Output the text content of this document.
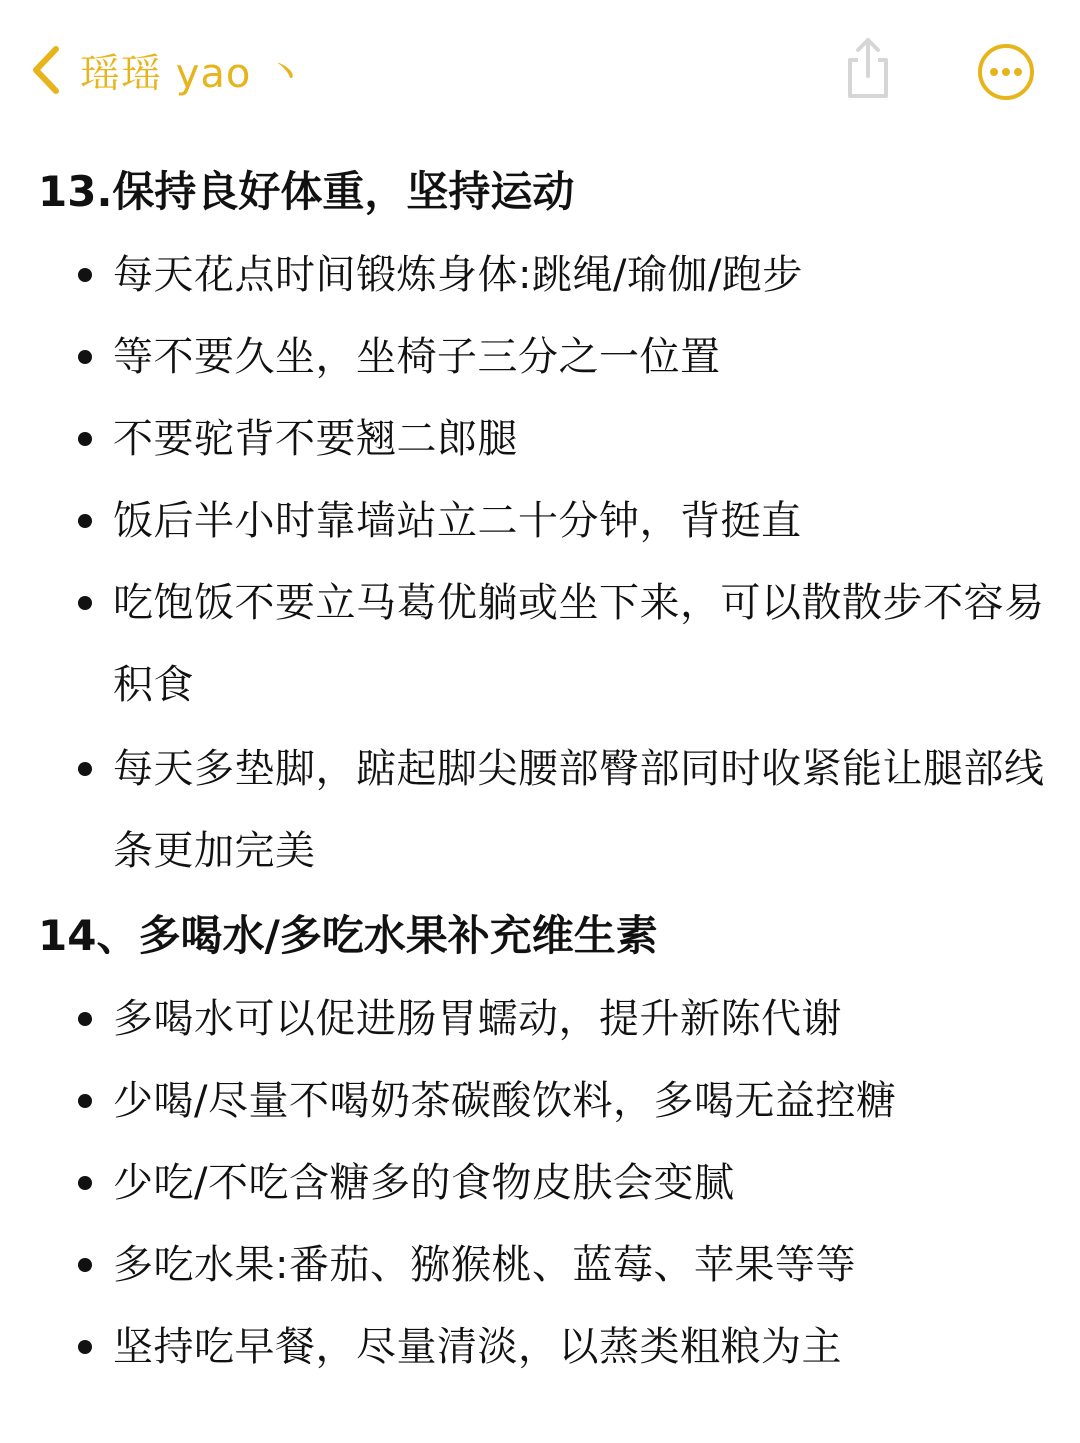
瑶瑶 yao 丶
13.保持良好体重，坚持运动
每天花点时间锻炼身体:跳绳/瑜伽/跑步
等不要久坐，坐椅子三分之一位置
不要驼背不要翘二郎腿
饭后半小时靠墙站立二十分钟，背挺直
吃饱饭不要立马葛优躺或坐下来，可以散散步不容易积食
每天多垫脚，踮起脚尖腰部臀部同时收紧能让腿部线条更加完美
14、多喝水/多吃水果补充维生素
多喝水可以促进肠胃蠕动，提升新陈代谢
少喝/尽量不喝奶茶碳酸饮料，多喝无益控糖
少吃/不吃含糖多的食物皮肤会变腻
多吃水果:番茄、猕猴桃、蓝莓、苹果等等
坚持吃早餐，尽量清淡，以蒸类粗粮为主
